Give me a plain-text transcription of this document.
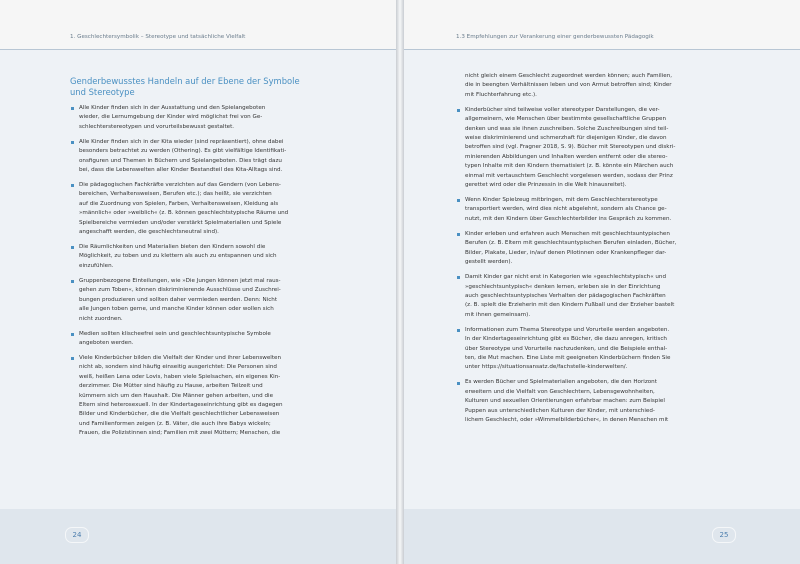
1. Geschlechtersymbolik – Stereotype und tatsächliche Vielfalt
Genderbewusstes Handeln auf der Ebene der Symbole
und Stereotype
Alle Kinder finden sich in der Ausstattung und den Spielangeboten
wieder, die Lernumgebung der Kinder wird möglichst frei von Ge-
schlechterstereotypen und vorurteilsbewusst gestaltet.
Alle Kinder finden sich in der Kita wieder (sind repräsentiert), ohne dabei
besonders betrachtet zu werden (Othering). Es gibt vielfältige Identifikati-
onsfiguren und Themen in Büchern und Spielangeboten. Dies trägt dazu
bei, dass die Lebenswelten aller Kinder Bestandteil des Kita-Alltags sind.
Die pädagogischen Fachkräfte verzichten auf das Gendern (von Lebens-
bereichen, Verhaltensweisen, Berufen etc.); das heißt, sie verzichten
auf die Zuordnung von Spielen, Farben, Verhaltensweisen, Kleidung als
»männlich« oder »weiblich« (z. B. können geschlechtstypische Räume und
Spielbereiche vermieden und/oder verstärkt Spielmaterialien und Spiele
angeschafft werden, die geschlechtsneutral sind).
Die Räumlichkeiten und Materialien bieten den Kindern sowohl die
Möglichkeit, zu toben und zu klettern als auch zu entspannen und sich
einzufühlen.
Gruppenbezogene Einteilungen, wie »Die Jungen können jetzt mal raus-
gehen zum Toben«, können diskriminierende Ausschlüsse und Zuschrei-
bungen produzieren und sollten daher vermieden werden. Denn: Nicht
alle Jungen toben gerne, und manche Kinder können oder wollen sich
nicht zuordnen.
Medien sollten klischeefrei sein und geschlechtsuntypische Symbole
angeboten werden.
Viele Kinderbücher bilden die Vielfalt der Kinder und ihrer Lebenswelten
nicht ab, sondern sind häufig einseitig ausgerichtet: Die Personen sind
weiß, heißen Lena oder Lovis, haben viele Spielsachen, ein eigenes Kin-
derzimmer. Die Mütter sind häufig zu Hause, arbeiten Teilzeit und
kümmern sich um den Haushalt. Die Männer gehen arbeiten, und die
Eltern sind heterosexuell. In der Kindertageseinrichtung gibt es dagegen
Bilder und Kinderbücher, die die Vielfalt geschlechtlicher Lebensweisen
und Familienformen zeigen (z. B. Väter, die auch ihre Babys wickeln;
Frauen, die Polizistinnen sind; Familien mit zwei Müttern; Menschen, die
24
1.3 Empfehlungen zur Verankerung einer genderbewussten Pädagogik
nicht gleich einem Geschlecht zugeordnet werden können; auch Familien,
die in beengten Verhältnissen leben und von Armut betroffen sind; Kinder
mit Fluchterfahrung etc.).
Kinderbücher sind teilweise voller stereotyper Darstellungen, die ver-
allgemeinern, wie Menschen über bestimmte gesellschaftliche Gruppen
denken und was sie ihnen zuschreiben. Solche Zuschreibungen sind teil-
weise diskriminierend und schmerzhaft für diejenigen Kinder, die davon
betroffen sind (vgl. Fragner 2018, S. 9). Bücher mit Stereotypen und diskri-
minierenden Abbildungen und Inhalten werden entfernt oder die stereo-
typen Inhalte mit den Kindern thematisiert (z. B. könnte ein Märchen auch
einmal mit vertauschtem Geschlecht vorgelesen werden, sodass der Prinz
gerettet wird oder die Prinzessin in die Welt hinausreitet).
Wenn Kinder Spielzeug mitbringen, mit dem Geschlechterstereotype
transportiert werden, wird dies nicht abgelehnt, sondern als Chance ge-
nutzt, mit den Kindern über Geschlechterbilder ins Gespräch zu kommen.
Kinder erleben und erfahren auch Menschen mit geschlechtsuntypischen
Berufen (z. B. Eltern mit geschlechtsuntypischen Berufen einladen, Bücher,
Bilder, Plakate, Lieder, in/auf denen Pilotinnen oder Krankenpfleger dar-
gestellt werden).
Damit Kinder gar nicht erst in Kategorien wie »geschlechtstypisch« und
»geschlechtsuntypisch« denken lernen, erleben sie in der Einrichtung
auch geschlechtsuntypisches Verhalten der pädagogischen Fachkräften
(z. B. spielt die Erzieherin mit den Kindern Fußball und der Erzieher bastelt
mit ihnen gemeinsam).
Informationen zum Thema Stereotype und Vorurteile werden angeboten.
In der Kindertageseinrichtung gibt es Bücher, die dazu anregen, kritisch
über Stereotype und Vorurteile nachzudenken, und die Beispiele enthal-
ten, die Mut machen. Eine Liste mit geeigneten Kinderbüchern finden Sie
unter https://situationsansatz.de/fachstelle-kinderwelten/.
Es werden Bücher und Spielmaterialien angeboten, die den Horizont
erweitern und die Vielfalt von Geschlechtern, Lebensgewohnheiten,
Kulturen und sexuellen Orientierungen erfahrbar machen: zum Beispiel
Puppen aus unterschiedlichen Kulturen der Kinder, mit unterschied-
lichem Geschlecht, oder »Wimmelbilderbücher«, in denen Menschen mit
25
